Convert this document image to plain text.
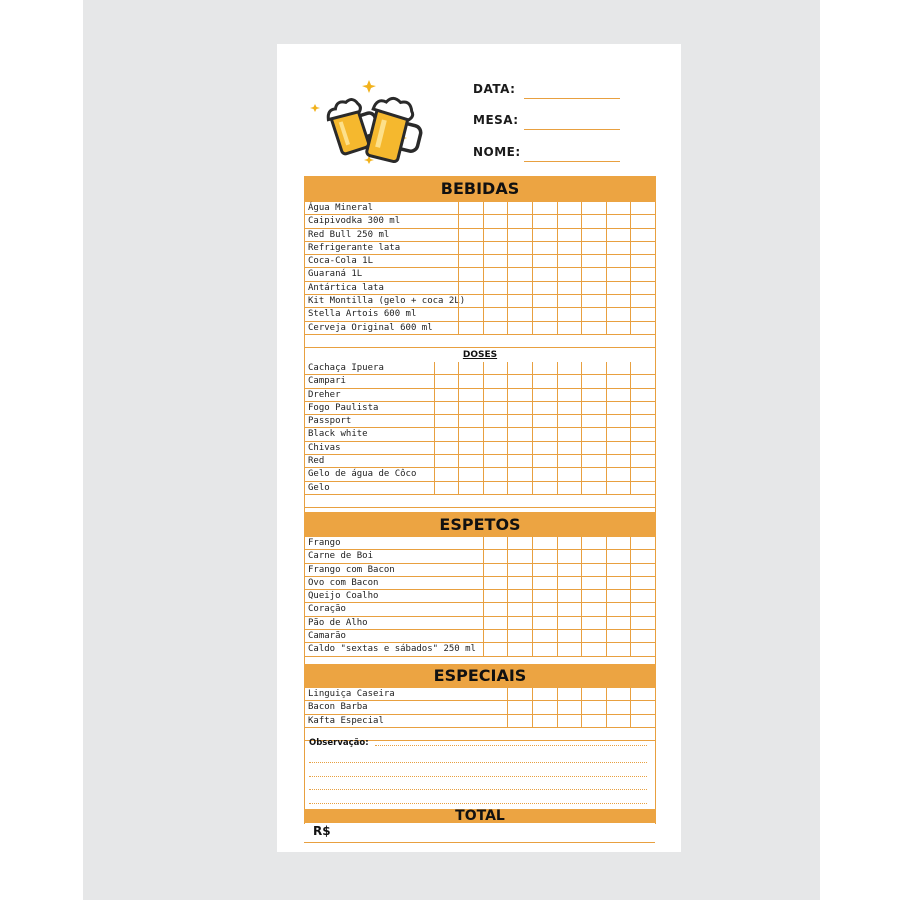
DATA:
MESA:
NOME:
BEBIDAS
Água Mineral
Caipivodka 300 ml
Red Bull 250 ml
Refrigerante lata
Coca-Cola 1L
Guaraná 1L
Antártica lata
Kit Montilla (gelo + coca 2L)
Stella Artois 600 ml
Cerveja Original 600 ml
DOSES
Cachaça Ipuera
Campari
Dreher
Fogo Paulista
Passport
Black white
Chivas
Red
Gelo de água de Côco
Gelo
ESPETOS
Frango
Carne de Boi
Frango com Bacon
Ovo com Bacon
Queijo Coalho
Coração
Pão de Alho
Camarão
Caldo "sextas e sábados" 250 ml
ESPECIAIS
Linguiça Caseira
Bacon Barba
Kafta Especial
Observação:
TOTAL
R$
